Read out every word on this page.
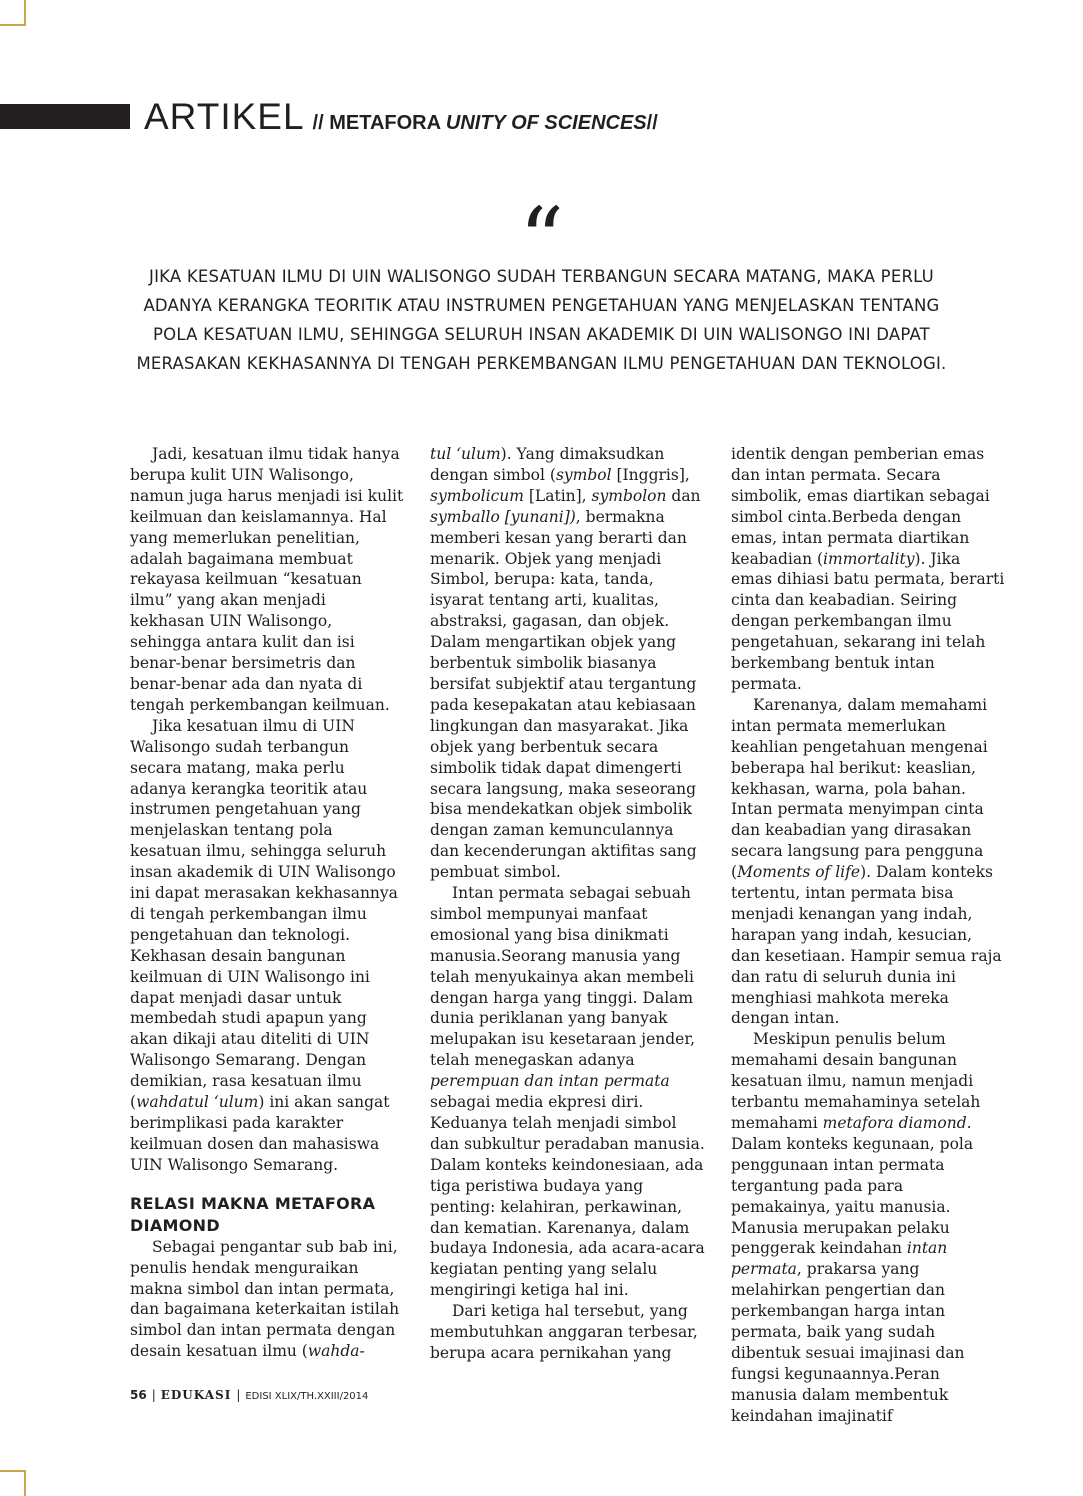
ARTIKEL // METAFORA UNITY OF SCIENCES//
“
JIKA KESATUAN ILMU DI UIN WALISONGO SUDAH TERBANGUN SECARA MATANG, MAKA PERLU ADANYA KERANGKA TEORITIK ATAU INSTRUMEN PENGETAHUAN YANG MENJELASKAN TENTANG POLA KESATUAN ILMU, SEHINGGA SELURUH INSAN AKADEMIK DI UIN WALISONGO INI DAPAT MERASAKAN KEKHASANNYA DI TENGAH PERKEMBANGAN ILMU PENGETAHUAN DAN TEKNOLOGI.

Jadi, kesatuan ilmu tidak hanya berupa kulit UIN Walisongo, namun juga harus menjadi isi kulit keilmuan dan keislamannya. Hal yang memerlukan penelitian, adalah bagaimana membuat rekayasa keilmuan “kesatuan ilmu” yang akan menjadi kekhasan UIN Walisongo, sehingga antara kulit dan isi benar-benar bersimetris dan benar-benar ada dan nyata di tengah perkembangan keilmuan.

Jika kesatuan ilmu di UIN Walisongo sudah terbangun secara matang, maka perlu adanya kerangka teoritik atau instrumen pengetahuan yang menjelaskan tentang pola kesatuan ilmu, sehingga seluruh insan akademik di UIN Walisongo ini dapat merasakan kekhasannya di tengah perkembangan ilmu pengetahuan dan teknologi. Kekhasan desain bangunan keilmuan di UIN Walisongo ini dapat menjadi dasar untuk membedah studi apapun yang akan dikaji atau diteliti di UIN Walisongo Semarang. Dengan demikian, rasa kesatuan ilmu (wahdatul ‘ulum) ini akan sangat berimplikasi pada karakter keilmuan dosen dan mahasiswa UIN Walisongo Semarang.

RELASI MAKNA METAFORA DIAMOND

Sebagai pengantar sub bab ini, penulis hendak menguraikan makna simbol dan intan permata, dan bagaimana keterkaitan istilah simbol dan intan permata dengan desain kesatuan ilmu (wahda-

tul ‘ulum). Yang dimaksudkan dengan simbol (symbol [Inggris], symbolicum [Latin], symbolon dan symballo [yunani]), bermakna memberi kesan yang berarti dan menarik. Objek yang menjadi Simbol, berupa: kata, tanda, isyarat tentang arti, kualitas, abstraksi, gagasan, dan objek. Dalam mengartikan objek yang berbentuk simbolik biasanya bersifat subjektif atau tergantung pada kesepakatan atau kebiasaan lingkungan dan masyarakat. Jika objek yang berbentuk secara simbolik tidak dapat dimengerti secara langsung, maka seseorang bisa mendekatkan objek simbolik dengan zaman kemunculannya dan kecenderungan aktifitas sang pembuat simbol.

Intan permata sebagai sebuah simbol mempunyai manfaat emosional yang bisa dinikmati manusia.Seorang manusia yang telah menyukainya akan membeli dengan harga yang tinggi. Dalam dunia periklanan yang banyak melupakan isu kesetaraan jender, telah menegaskan adanya perempuan dan intan permata sebagai media ekpresi diri. Keduanya telah menjadi simbol dan subkultur peradaban manusia. Dalam konteks keindonesiaan, ada tiga peristiwa budaya yang penting: kelahiran, perkawinan, dan kematian. Karenanya, dalam budaya Indonesia, ada acara-acara kegiatan penting yang selalu mengiringi ketiga hal ini.

Dari ketiga hal tersebut, yang membutuhkan anggaran terbesar, berupa acara pernikahan yang

identik dengan pemberian emas dan intan permata. Secara simbolik, emas diartikan sebagai simbol cinta.Berbeda dengan emas, intan permata diartikan keabadian (immortality). Jika emas dihiasi batu permata, berarti cinta dan keabadian. Seiring dengan perkembangan ilmu pengetahuan, sekarang ini telah berkembang bentuk intan permata.

Karenanya, dalam memahami intan permata memerlukan keahlian pengetahuan mengenai beberapa hal berikut: keaslian, kekhasan, warna, pola bahan. Intan permata menyimpan cinta dan keabadian yang dirasakan secara langsung para pengguna (Moments of life). Dalam konteks tertentu, intan permata bisa menjadi kenangan yang indah, harapan yang indah, kesucian, dan kesetiaan. Hampir semua raja dan ratu di seluruh dunia ini menghiasi mahkota mereka dengan intan.

Meskipun penulis belum memahami desain bangunan kesatuan ilmu, namun menjadi terbantu memahaminya setelah memahami metafora diamond. Dalam konteks kegunaan, pola penggunaan intan permata tergantung pada para pemakainya, yaitu manusia. Manusia merupakan pelaku penggerak keindahan intan permata, prakarsa yang melahirkan pengertian dan perkembangan harga intan permata, baik yang sudah dibentuk sesuai imajinasi dan fungsi kegunaannya.Peran manusia dalam membentuk keindahan imajinatif

56 | EDUKASI | EDISI XLIX/TH.XXIII/2014
